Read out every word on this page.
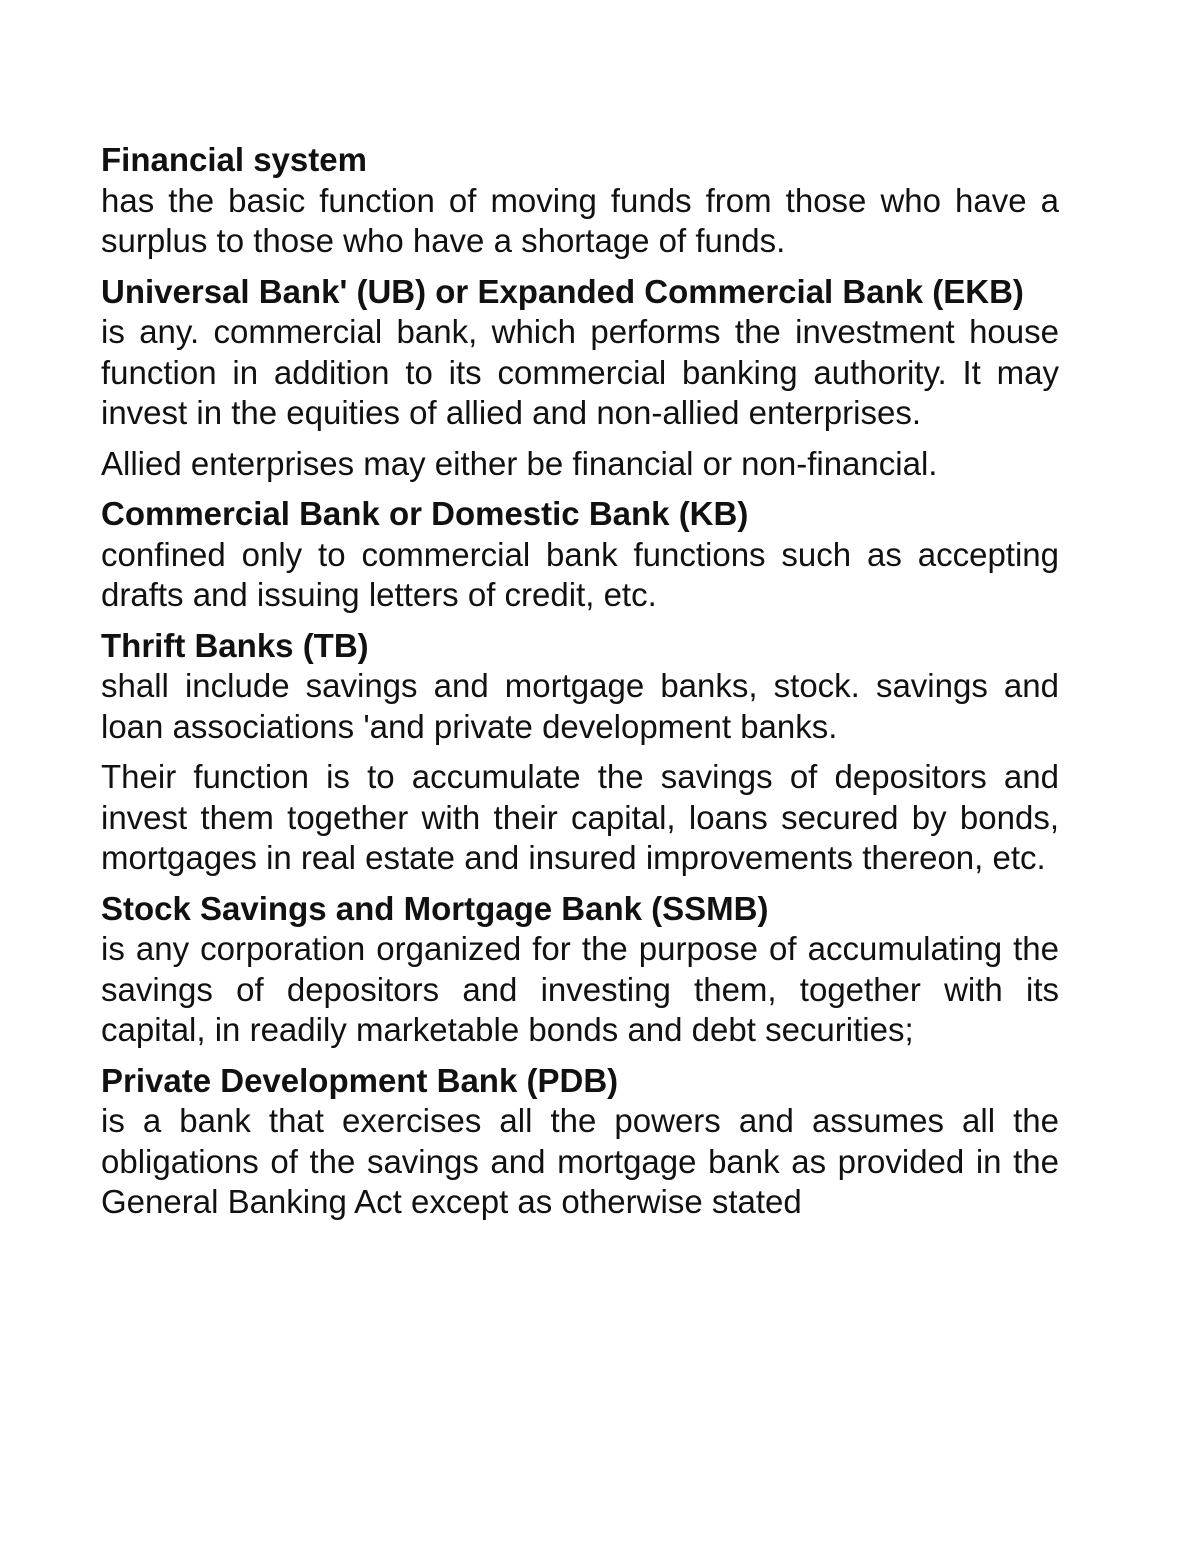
Financial system

has the basic function of moving funds from those who have a surplus to those who have a shortage of funds.

Universal Bank' (UB) or Expanded Commercial Bank (EKB)

is any. commercial bank, which performs the investment house function in addition to its commercial banking authority. It may invest in the equities of allied and non-allied enterprises.

Allied enterprises may either be financial or non-financial.

Commercial Bank or Domestic Bank (KB)

confined only to commercial bank functions such as accepting drafts and issuing letters of credit, etc.

Thrift Banks (TB)

shall include savings and mortgage banks, stock. savings and loan associations 'and private development banks.

Their function is to accumulate the savings of depositors and invest them together with their capital, loans secured by bonds, mortgages in real estate and insured improvements thereon, etc.

Stock Savings and Mortgage Bank (SSMB)

is any corporation organized for the purpose of accumulating the savings of depositors and investing them, together with its capital, in readily marketable bonds and debt securities;

Private Development Bank (PDB)

is a bank that exercises all the powers and assumes all the obligations of the savings and mortgage bank as provided in the General Banking Act except as otherwise stated
